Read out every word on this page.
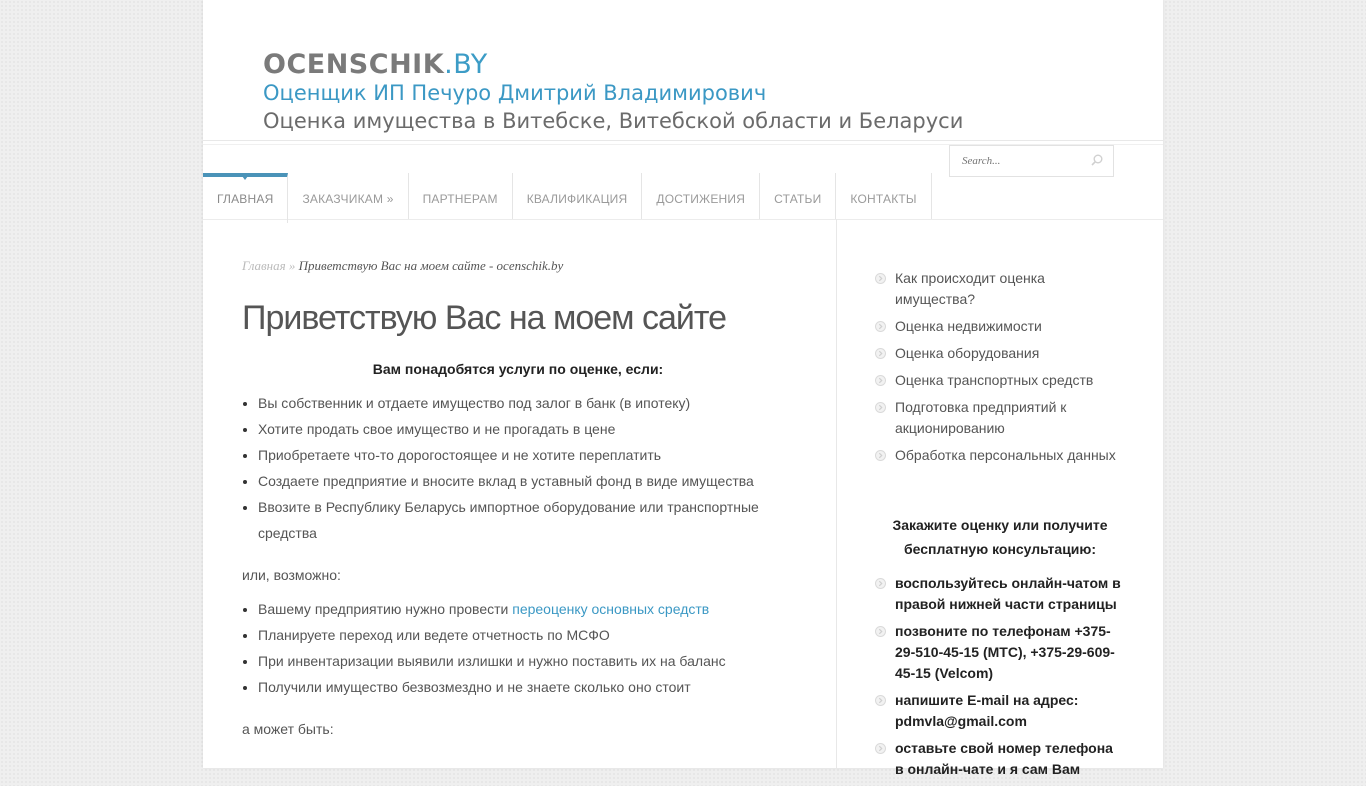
OCENSCHIK.BY
Оценщик ИП Печуро Дмитрий Владимирович
Оценка имущества в Витебске, Витебской области и Беларуси
ГЛАВНАЯ	ЗАКАЗЧИКАМ »	ПАРТНЕРАМ	КВАЛИФИКАЦИЯ	ДОСТИЖЕНИЯ	СТАТЬИ	КОНТАКТЫ
Search...
Главная » Приветствую Вас на моем сайте - ocenschik.by
Приветствую Вас на моем сайте
Вам понадобятся услуги по оценке, если:
• Вы собственник и отдаете имущество под залог в банк (в ипотеку)
• Хотите продать свое имущество и не прогадать в цене
• Приобретаете что-то дорогостоящее и не хотите переплатить
• Создаете предприятие и вносите вклад в уставный фонд в виде имущества
• Ввозите в Республику Беларусь импортное оборудование или транспортные средства
или, возможно:
• Вашему предприятию нужно провести переоценку основных средств
• Планируете переход или ведете отчетность по МСФО
• При инвентаризации выявили излишки и нужно поставить их на баланс
• Получили имущество безвозмездно и не знаете сколько оно стоит
а может быть:
Как происходит оценка имущества?
Оценка недвижимости
Оценка оборудования
Оценка транспортных средств
Подготовка предприятий к акционированию
Обработка персональных данных
Закажите оценку или получите бесплатную консультацию:
воспользуйтесь онлайн-чатом в правой нижней части страницы
позвоните по телефонам +375-29-510-45-15 (МТС), +375-29-609-45-15 (Velcom)
напишите E-mail на адрес: pdmvla@gmail.com
оставьте свой номер телефона в онлайн-чате и я сам Вам
